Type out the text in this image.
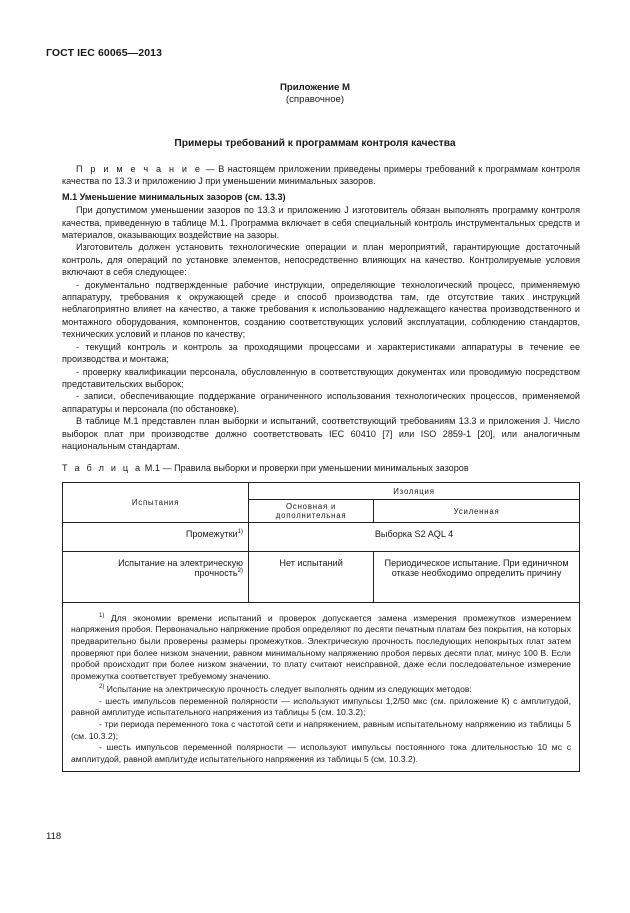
ГОСТ IEC 60065—2013
Приложение М
(справочное)
Примеры требований к программам контроля качества

П р и м е ч а н и е — В настоящем приложении приведены примеры требований к программам контроля качества по 13.3 и приложению J при уменьшении минимальных зазоров.

М.1 Уменьшение минимальных зазоров (см. 13.3)

При допустимом уменьшении зазоров по 13.3 и приложению J изготовитель обязан выполнять программу контроля качества, приведенную в таблице М.1. Программа включает в себя специальный контроль инструментальных средств и материалов, оказывающих воздействие на зазоры.

Изготовитель должен установить технологические операции и план мероприятий, гарантирующие достаточный контроль, для операций по установке элементов, непосредственно влияющих на качество. Контролируемые условия включают в себя следующее:

- документально подтвержденные рабочие инструкции, определяющие технологический процесс, применяемую аппаратуру, требования к окружающей среде и способ производства там, где отсутствие таких инструкций неблагоприятно влияет на качество, а также требования к использованию надлежащего качества производственного и монтажного оборудования, компонентов, созданию соответствующих условий эксплуатации, соблюдению стандартов, технических условий и планов по качеству;

- текущий контроль и контроль за проходящими процессами и характеристиками аппаратуры в течение ее производства и монтажа;

- проверку квалификации персонала, обусловленную в соответствующих документах или проводимую посредством представительских выборок;

- записи, обеспечивающие поддержание ограниченного использования технологических процессов, применяемой аппаратуры и персонала (по обстановке).

В таблице М.1 представлен план выборки и испытаний, соответствующий требованиям 13.3 и приложения J. Число выборок плат при производстве должно соответствовать IEC 60410 [7] или ISO 2859-1 [20], или аналогичным национальным стандартам.

Т а б л и ц а М.1 — Правила выборки и проверки при уменьшении минимальных зазоров
Испытания	Изоляция	
	Основная и дополнительная	Усиленная
Промежутки$^{1)}$	Выборка S2 AQL 4	
Испытание на электрическую прочность$^{2)}$	Нет испытаний	Периодическое испытание. При единичном отказе необходимо определить причину

$^{1)}$ Для экономии времени испытаний и проверок допускается замена измерения промежутков измерением напряжения пробоя. Первоначально напряжение пробоя определяют по десяти печатным платам без покрытия, на которых предварительно были проверены размеры промежутков. Электрическую прочность последующих непокрытых плат затем проверяют при более низком значении, равном минимальному напряжению пробоя первых десяти плат, минус 100 В. Если пробой происходит при более низком значении, то плату считают неисправной, даже если последовательное измерение промежутка соответствует требуемому значению.

$^{2)}$ Испытание на электрическую прочность следует выполнять одним из следующих методов:

- шесть импульсов переменной полярности — используют импульсы 1,2/50 мкс (см. приложение К) с амплитудой, равной амплитуде испытательного напряжения из таблицы 5 (см. 10.3.2);

- три периода переменного тока с частотой сети и напряжением, равным испытательному напряжению из таблицы 5 (см. 10.3.2);

- шесть импульсов переменной полярности — используют импульсы постоянного тока длительностью 10 мс с амплитудой, равной амплитуде испытательного напряжения из таблицы 5 (см. 10.3.2).		

118
